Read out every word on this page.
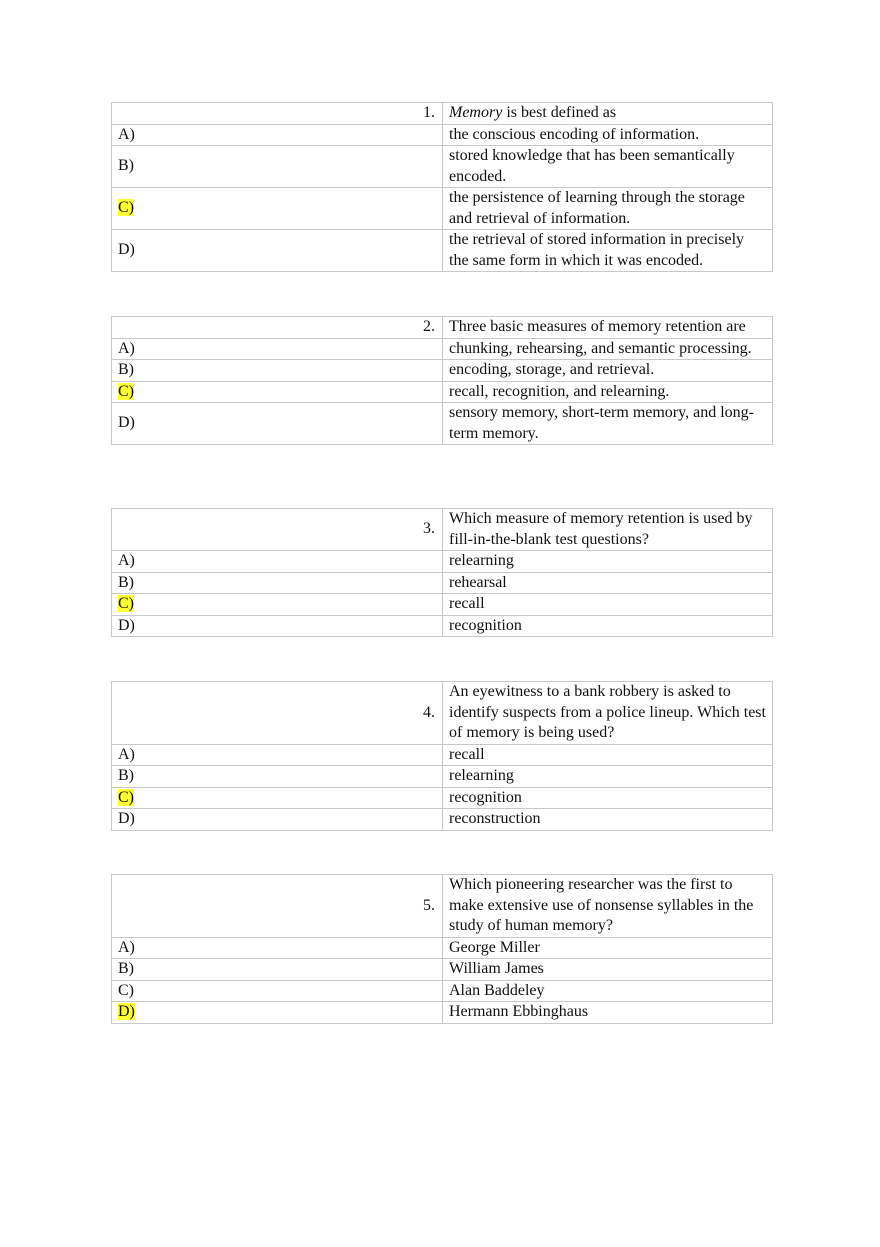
1.	Memory is best defined as
A)	the conscious encoding of information.
B)	stored knowledge that has been semantically encoded.
C)	the persistence of learning through the storage and retrieval of information.
D)	the retrieval of stored information in precisely the same form in which it was encoded.
2.	Three basic measures of memory retention are
A)	chunking, rehearsing, and semantic processing.
B)	encoding, storage, and retrieval.
C)	recall, recognition, and relearning.
D)	sensory memory, short-term memory, and long-term memory.
3.	Which measure of memory retention is used by fill-in-the-blank test questions?
A)	relearning
B)	rehearsal
C)	recall
D)	recognition
4.	An eyewitness to a bank robbery is asked to identify suspects from a police lineup. Which test of memory is being used?
A)	recall
B)	relearning
C)	recognition
D)	reconstruction
5.	Which pioneering researcher was the first to make extensive use of nonsense syllables in the study of human memory?
A)	George Miller
B)	William James
C)	Alan Baddeley
D)	Hermann Ebbinghaus
